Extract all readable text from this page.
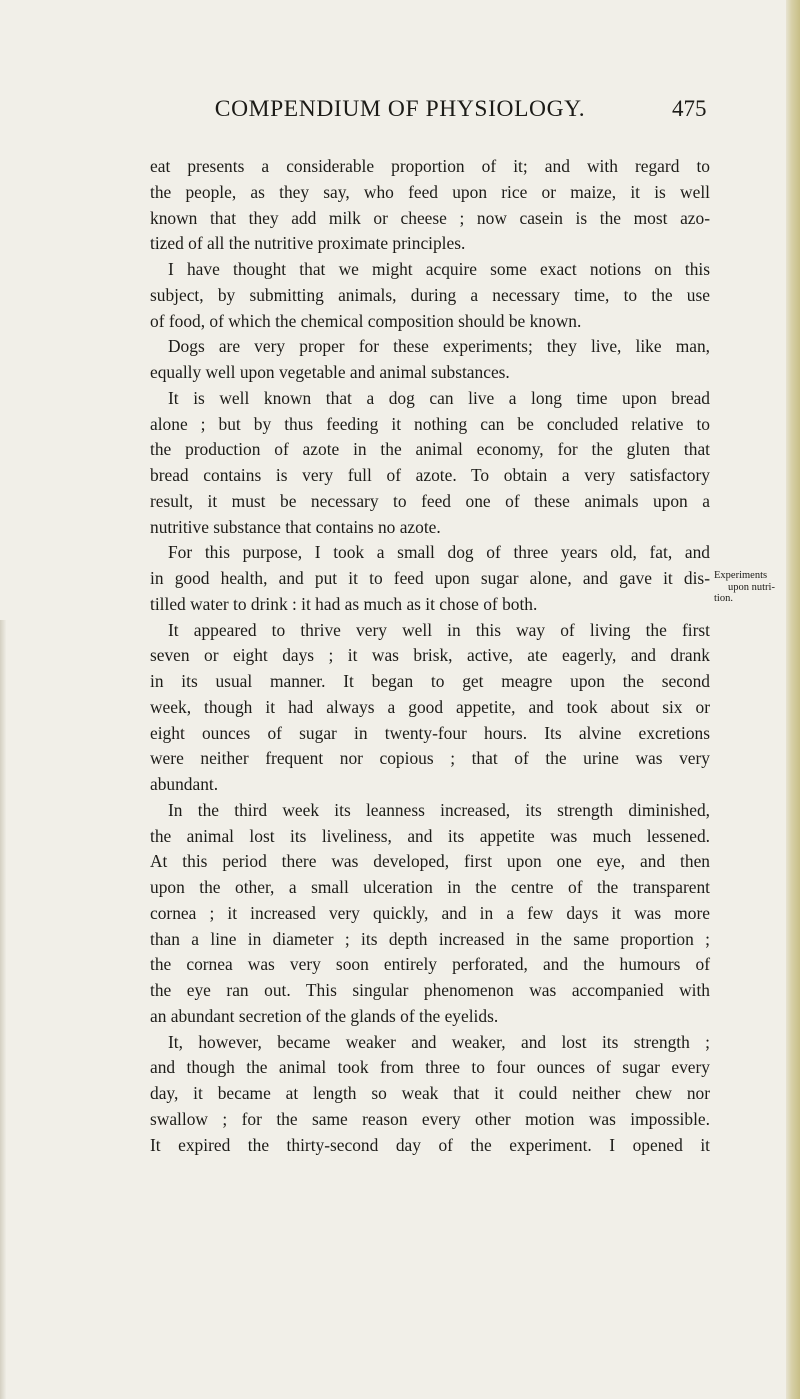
COMPENDIUM OF PHYSIOLOGY.	475
eat presents a considerable proportion of it; and with regard to
the people, as they say, who feed upon rice or maize, it is well
known that they add milk or cheese ; now casein is the most azo-
tized of all the nutritive proximate principles.
I have thought that we might acquire some exact notions on this
subject, by submitting animals, during a necessary time, to the use
of food, of which the chemical composition should be known.
Dogs are very proper for these experiments; they live, like man,
equally well upon vegetable and animal substances.
It is well known that a dog can live a long time upon bread
alone ; but by thus feeding it nothing can be concluded relative to
the production of azote in the animal economy, for the gluten that
bread contains is very full of azote. To obtain a very satisfactory
result, it must be necessary to feed one of these animals upon a
nutritive substance that contains no azote.
For this purpose, I took a small dog of three years old, fat, and
in good health, and put it to feed upon sugar alone, and gave it dis-
tilled water to drink : it had as much as it chose of both.
It appeared to thrive very well in this way of living the first
seven or eight days ; it was brisk, active, ate eagerly, and drank
in its usual manner. It began to get meagre upon the second
week, though it had always a good appetite, and took about six or
eight ounces of sugar in twenty-four hours. Its alvine excretions
were neither frequent nor copious ; that of the urine was very
abundant.
In the third week its leanness increased, its strength diminished,
the animal lost its liveliness, and its appetite was much lessened.
At this period there was developed, first upon one eye, and then
upon the other, a small ulceration in the centre of the transparent
cornea ; it increased very quickly, and in a few days it was more
than a line in diameter ; its depth increased in the same proportion ;
the cornea was very soon entirely perforated, and the humours of
the eye ran out. This singular phenomenon was accompanied with
an abundant secretion of the glands of the eyelids.
It, however, became weaker and weaker, and lost its strength ;
and though the animal took from three to four ounces of sugar every
day, it became at length so weak that it could neither chew nor
swallow ; for the same reason every other motion was impossible.
It expired the thirty-second day of the experiment. I opened it
Experiments
upon nutri-
tion.
